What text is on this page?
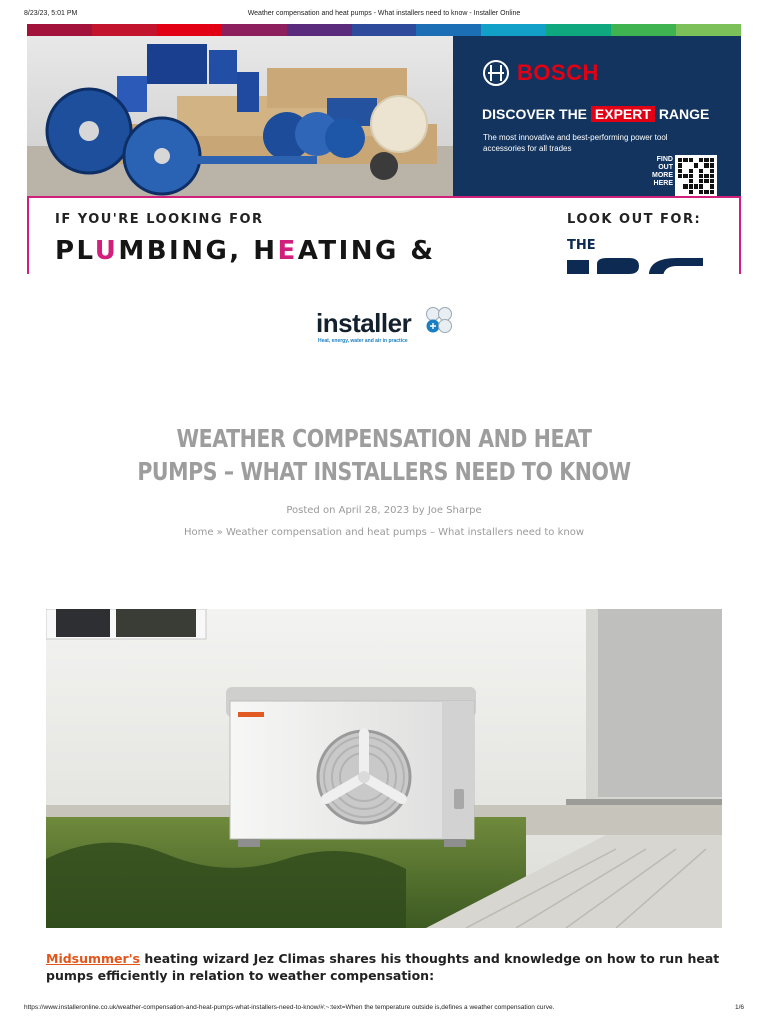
8/23/23, 5:01 PM	Weather compensation and heat pumps - What installers need to know - Installer Online
BOSCH
DISCOVER THE EXPERT RANGE
The most innovative and best-performing power tool accessories for all trades
FIND OUT MORE HERE
IF YOU'RE LOOKING FOR
PLUMBING, HEATING &
LOOK OUT FOR:
THE
installer
Heat, energy, water and air in practice
WEATHER COMPENSATION AND HEAT PUMPS – WHAT INSTALLERS NEED TO KNOW
Posted on April 28, 2023 by Joe Sharpe
Home » Weather compensation and heat pumps – What installers need to know

Midsummer's heating wizard Jez Climas shares his thoughts and knowledge on how to run heat pumps efficiently in relation to weather compensation:

https://www.installeronline.co.uk/weather-compensation-and-heat-pumps-what-installers-need-to-know/#:~:text=When the temperature outside is,defines a weather compensation curve.	1/6
